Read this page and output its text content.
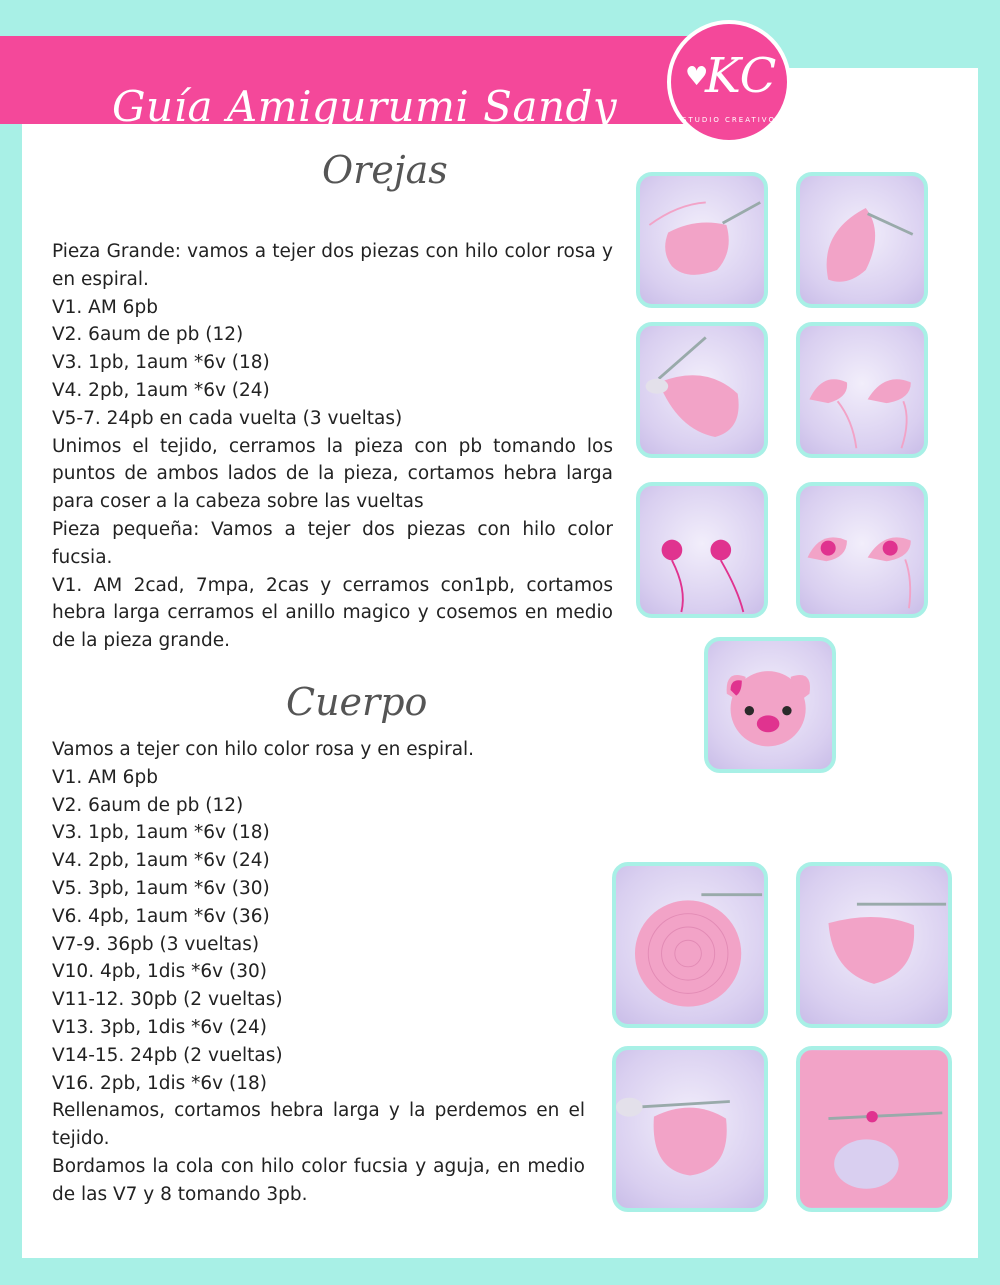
Guía Amigurumi Sandy
♥
KC
STUDIO CREATIVO
Orejas

Pieza Grande: vamos a tejer dos piezas con hilo color rosa y en espiral.

V1. AM 6pb

V2. 6aum de pb (12)

V3. 1pb, 1aum *6v (18)

V4. 2pb, 1aum *6v (24)

V5-7. 24pb en cada vuelta (3 vueltas)

Unimos el tejido, cerramos la pieza con pb tomando los puntos de ambos lados de la pieza, cortamos hebra larga para coser a la cabeza sobre las vueltas

Pieza pequeña: Vamos a tejer dos piezas con hilo color fucsia.

V1. AM 2cad, 7mpa, 2cas y cerramos con1pb, cortamos hebra larga cerramos el anillo magico y cosemos en medio de la pieza grande.

Cuerpo

Vamos a tejer con hilo color rosa y en espiral.

V1. AM 6pb

V2. 6aum de pb (12)

V3. 1pb, 1aum *6v (18)

V4. 2pb, 1aum *6v (24)

V5. 3pb, 1aum *6v (30)

V6. 4pb, 1aum *6v (36)

V7-9. 36pb (3 vueltas)

V10. 4pb, 1dis *6v (30)

V11-12. 30pb (2 vueltas)

V13. 3pb, 1dis *6v (24)

V14-15. 24pb (2 vueltas)

V16. 2pb, 1dis *6v (18)

Rellenamos, cortamos hebra larga y la perdemos en el tejido.

Bordamos la cola con hilo color fucsia y aguja, en medio de las V7 y 8 tomando 3pb.
